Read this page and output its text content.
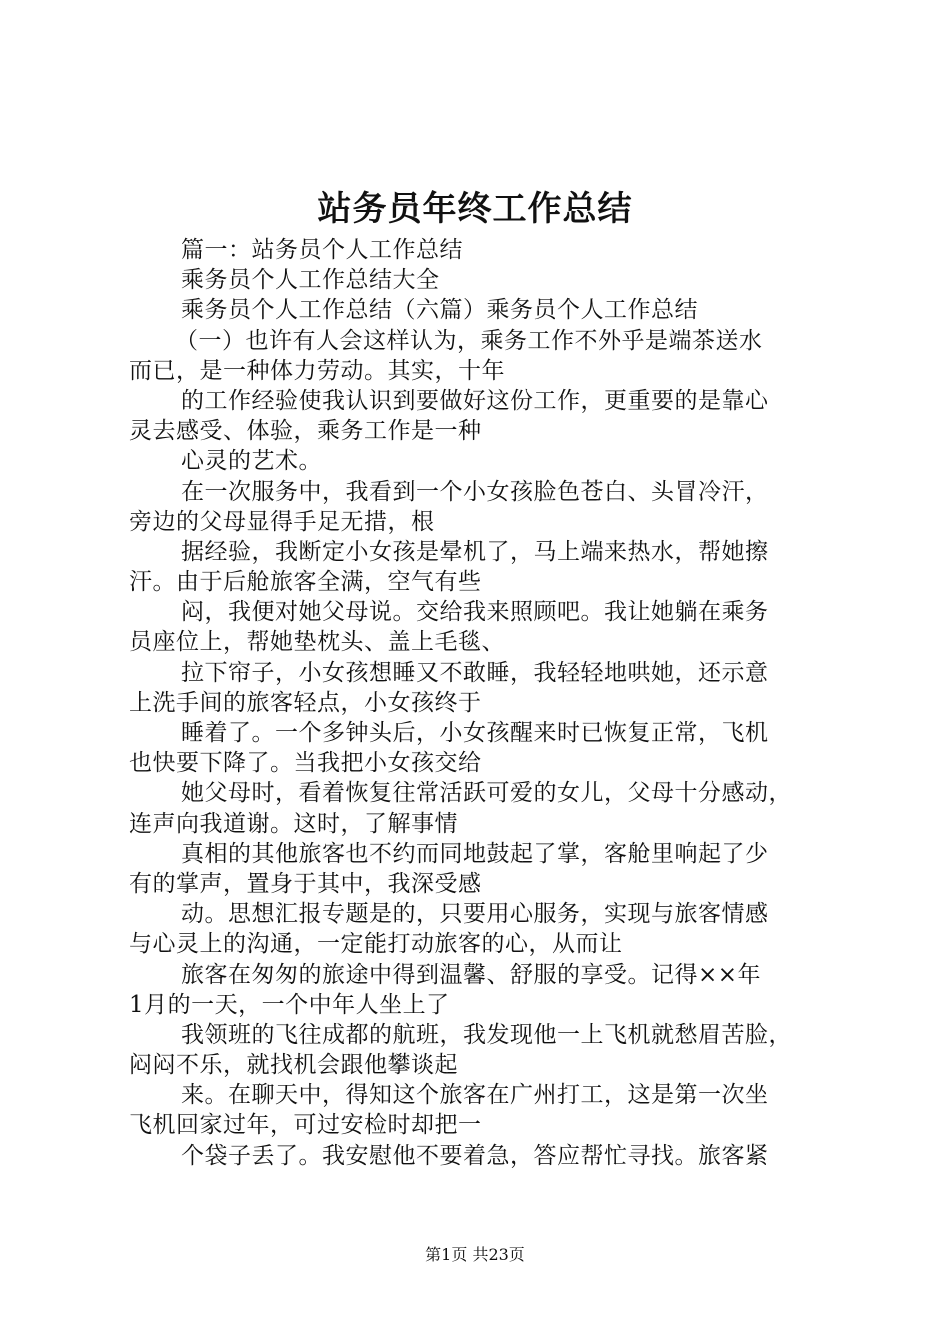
站务员年终工作总结
篇一：站务员个人工作总结
乘务员个人工作总结大全
乘务员个人工作总结（六篇）乘务员个人工作总结
（一）也许有人会这样认为，乘务工作不外乎是端茶送水
而已，是一种体力劳动。其实，十年
的工作经验使我认识到要做好这份工作，更重要的是靠心
灵去感受、体验，乘务工作是一种
心灵的艺术。
在一次服务中，我看到一个小女孩脸色苍白、头冒冷汗，
旁边的父母显得手足无措，根
据经验，我断定小女孩是晕机了，马上端来热水，帮她擦
汗。由于后舱旅客全满，空气有些
闷，我便对她父母说。交给我来照顾吧。我让她躺在乘务
员座位上，帮她垫枕头、盖上毛毯、
拉下帘子，小女孩想睡又不敢睡，我轻轻地哄她，还示意
上洗手间的旅客轻点，小女孩终于
睡着了。一个多钟头后，小女孩醒来时已恢复正常，飞机
也快要下降了。当我把小女孩交给
她父母时，看着恢复往常活跃可爱的女儿，父母十分感动，
连声向我道谢。这时，了解事情
真相的其他旅客也不约而同地鼓起了掌，客舱里响起了少
有的掌声，置身于其中，我深受感
动。思想汇报专题是的，只要用心服务，实现与旅客情感
与心灵上的沟通，一定能打动旅客的心，从而让
旅客在匆匆的旅途中得到温馨、舒服的享受。记得××年
1月的一天，一个中年人坐上了
我领班的飞往成都的航班，我发现他一上飞机就愁眉苦脸，
闷闷不乐，就找机会跟他攀谈起
来。在聊天中，得知这个旅客在广州打工，这是第一次坐
飞机回家过年，可过安检时却把一
个袋子丢了。我安慰他不要着急，答应帮忙寻找。旅客紧
第1页 共23页
